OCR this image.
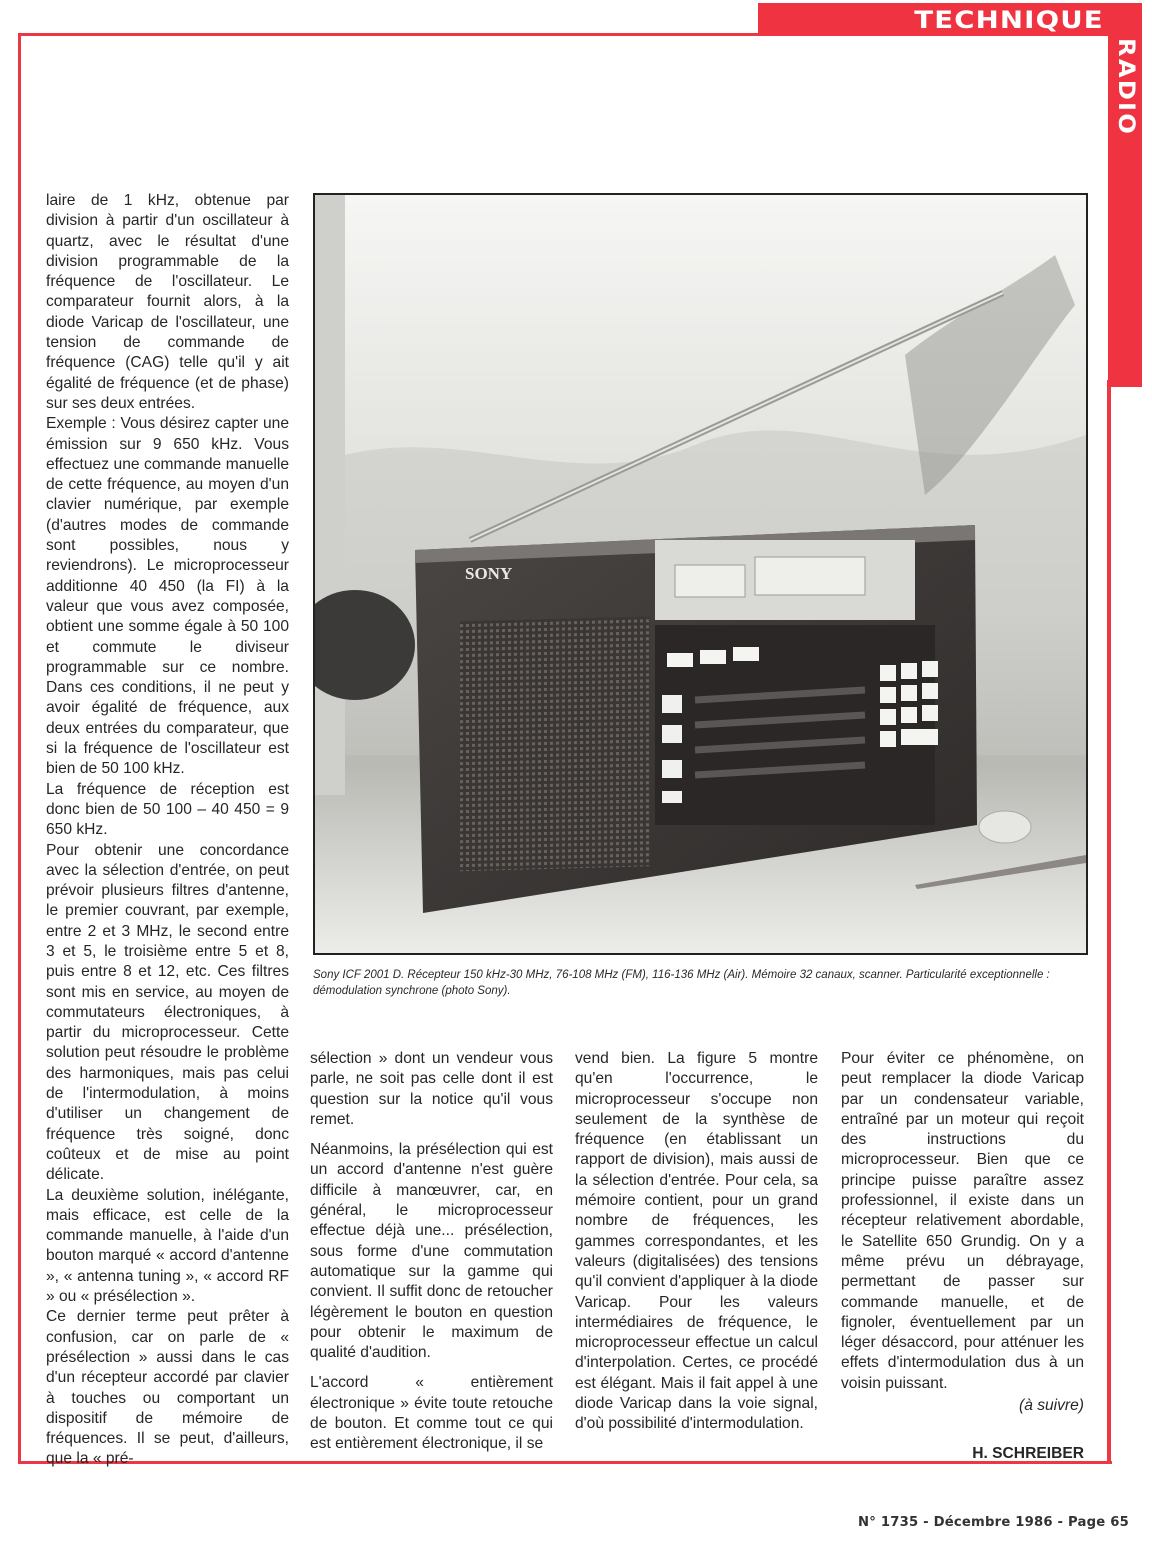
TECHNIQUE
RADIO

laire de 1 kHz, obtenue par division à partir d'un oscillateur à quartz, avec le résultat d'une division programmable de la fréquence de l'oscillateur. Le comparateur fournit alors, à la diode Varicap de l'oscillateur, une tension de commande de fréquence (CAG) telle qu'il y ait égalité de fréquence (et de phase) sur ses deux entrées.

Exemple : Vous désirez capter une émission sur 9 650 kHz. Vous effectuez une commande manuelle de cette fréquence, au moyen d'un clavier numérique, par exemple (d'autres modes de commande sont possibles, nous y reviendrons). Le microprocesseur additionne 40 450 (la FI) à la valeur que vous avez composée, obtient une somme égale à 50 100 et commute le diviseur programmable sur ce nombre. Dans ces conditions, il ne peut y avoir égalité de fréquence, aux deux entrées du comparateur, que si la fréquence de l'oscillateur est bien de 50 100 kHz.

La fréquence de réception est donc bien de 50 100 – 40 450 = 9 650 kHz.

Pour obtenir une concordance avec la sélection d'entrée, on peut prévoir plusieurs filtres d'antenne, le premier couvrant, par exemple, entre 2 et 3 MHz, le second entre 3 et 5, le troisième entre 5 et 8, puis entre 8 et 12, etc. Ces filtres sont mis en service, au moyen de commutateurs électroniques, à partir du microprocesseur. Cette solution peut résoudre le problème des harmoniques, mais pas celui de l'intermodulation, à moins d'utiliser un changement de fréquence très soigné, donc coûteux et de mise au point délicate.

La deuxième solution, inélégante, mais efficace, est celle de la commande manuelle, à l'aide d'un bouton marqué « accord d'antenne », « antenna tuning », « accord RF » ou « présélection ».

Ce dernier terme peut prêter à confusion, car on parle de « présélection » aussi dans le cas d'un récepteur accordé par clavier à touches ou comportant un dispositif de mémoire de fréquences. Il se peut, d'ailleurs, que la « pré-

SONY
Sony ICF 2001 D. Récepteur 150 kHz-30 MHz, 76-108 MHz (FM), 116-136 MHz (Air). Mémoire 32 canaux, scanner. Particularité exceptionnelle : démodulation synchrone (photo Sony).

sélection » dont un vendeur vous parle, ne soit pas celle dont il est question sur la notice qu'il vous remet.

Néanmoins, la présélection qui est un accord d'antenne n'est guère difficile à manœuvrer, car, en général, le microprocesseur effectue déjà une... présélection, sous forme d'une commutation automatique sur la gamme qui convient. Il suffit donc de retoucher légèrement le bouton en question pour obtenir le maximum de qualité d'audition.

L'accord « entièrement électronique » évite toute retouche de bouton. Et comme tout ce qui est entièrement électronique, il se

vend bien. La figure 5 montre qu'en l'occurrence, le microprocesseur s'occupe non seulement de la synthèse de fréquence (en établissant un rapport de division), mais aussi de la sélection d'entrée. Pour cela, sa mémoire contient, pour un grand nombre de fréquences, les gammes correspondantes, et les valeurs (digitalisées) des tensions qu'il convient d'appliquer à la diode Varicap. Pour les valeurs intermédiaires de fréquence, le microprocesseur effectue un calcul d'interpolation. Certes, ce procédé est élégant. Mais il fait appel à une diode Varicap dans la voie signal, d'où possibilité d'intermodulation.

Pour éviter ce phénomène, on peut remplacer la diode Varicap par un condensateur variable, entraîné par un moteur qui reçoit des instructions du microprocesseur. Bien que ce principe puisse paraître assez professionnel, il existe dans un récepteur relativement abordable, le Satellite 650 Grundig. On y a même prévu un débrayage, permettant de passer sur commande manuelle, et de fignoler, éventuellement par un léger désaccord, pour atténuer les effets d'intermodulation dus à un voisin puissant.

(à suivre)

H. SCHREIBER

N° 1735 - Décembre 1986 - Page 65
